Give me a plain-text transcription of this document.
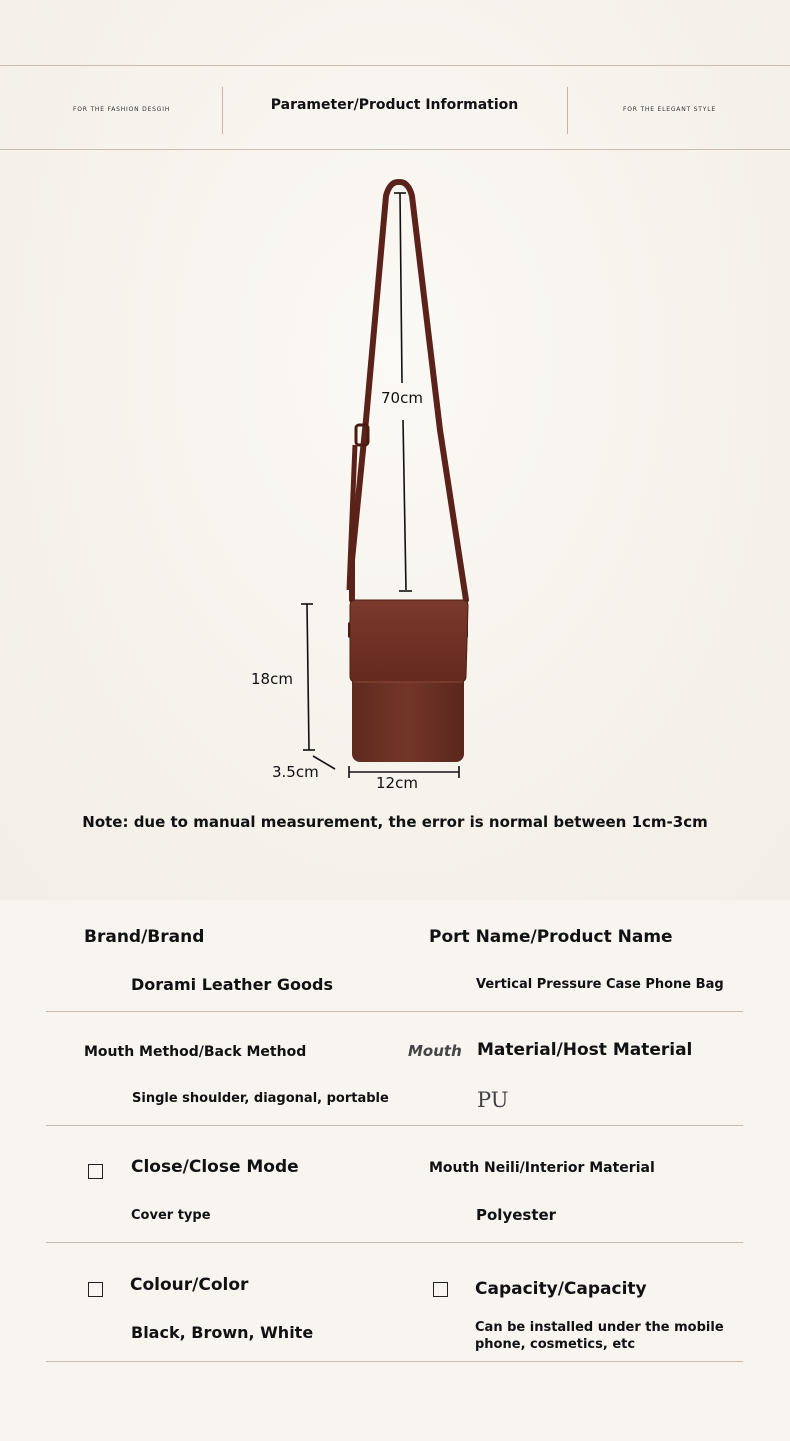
FOR THE FASHION DESGIH	Parameter/Product Information	FOR THE ELEGANT STYLE
70cm
18cm
3.5cm
12cm
Note: due to manual measurement, the error is normal between 1cm-3cm
Brand/Brand	Port Name/Product Name
Dorami Leather Goods	Vertical Pressure Case Phone Bag
Mouth Method/Back Method	Mouth Material/Host Material
Single shoulder, diagonal, portable	PU
Close/Close Mode	Mouth Neili/Interior Material
Cover type	Polyester
Colour/Color	Capacity/Capacity
Black, Brown, White	Can be installed under the mobile
phone, cosmetics, etc
